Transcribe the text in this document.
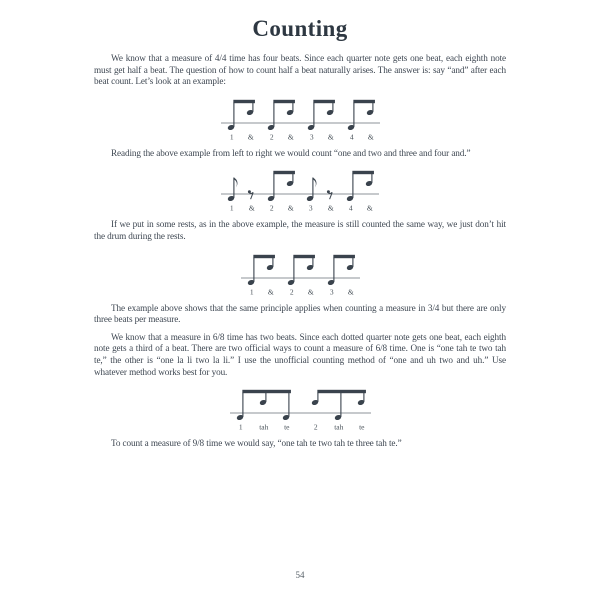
Counting

We know that a measure of 4/4 time has four beats. Since each quarter note gets one beat, each eighth note must get half a beat. The question of how to count half a beat naturally arises. The answer is: say “and” after each beat count. Let’s look at an example:

1 & 2 & 3 & 4 &

Reading the above example from left to right we would count “one and two and three and four and.”

1 & 2 & 3 & 4 &

If we put in some rests, as in the above example, the measure is still counted the same way, we just don’t hit the drum during the rests.

1 & 2 & 3 &

The example above shows that the same principle applies when counting a measure in 3/4 but there are only three beats per measure.

We know that a measure in 6/8 time has two beats. Since each dotted quarter note gets one beat, each eighth note gets a third of a beat. There are two official ways to count a measure of 6/8 time. One is “one tah te two tah te,” the other is “one la li two la li.” I use the unofficial counting method of “one and uh two and uh.” Use whatever method works best for you.

1 tah te	2 tah te

To count a measure of 9/8 time we would say, “one tah te two tah te three tah te.”

54
